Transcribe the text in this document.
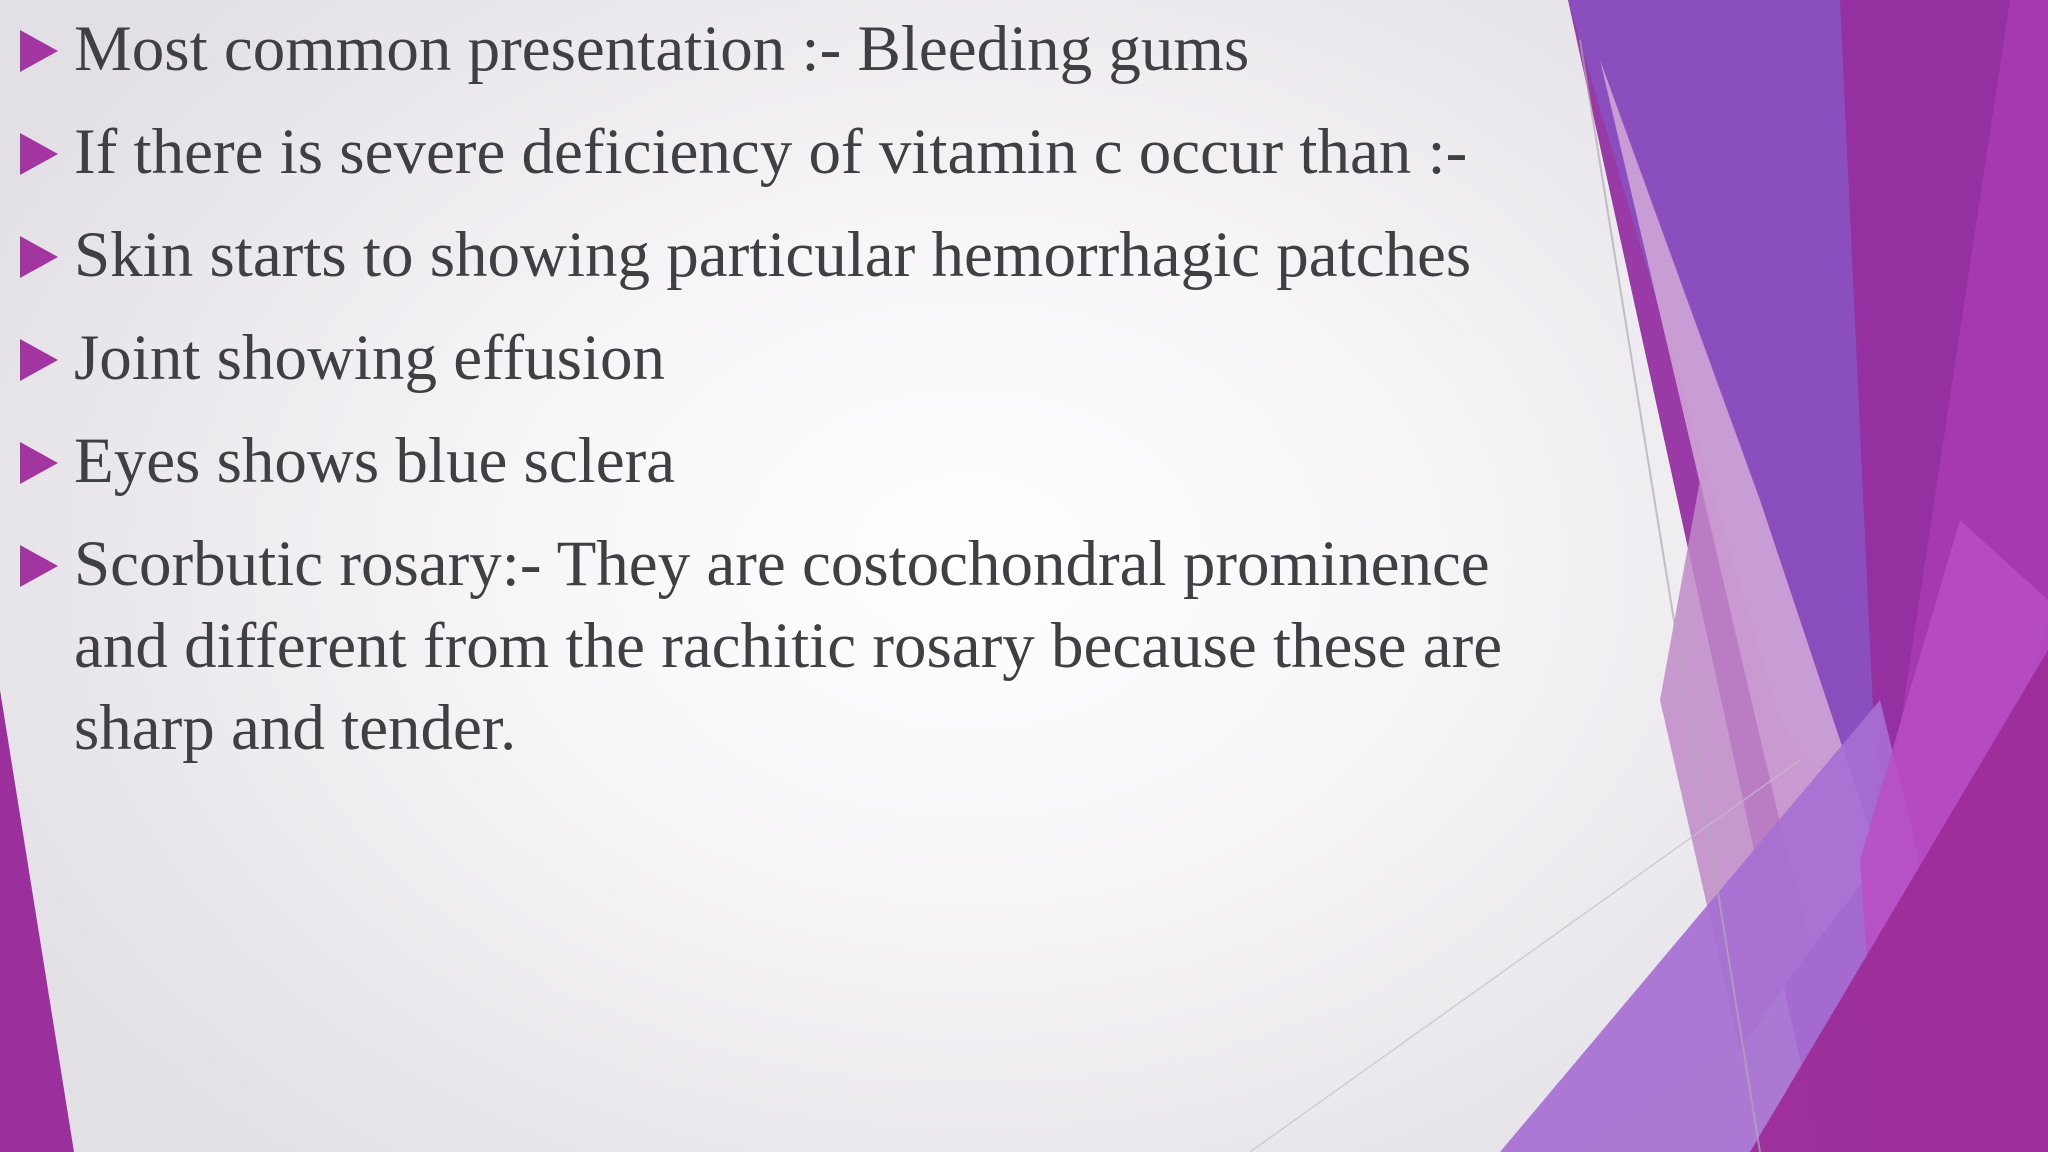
Most common presentation :- Bleeding gums
If there is severe deficiency of vitamin c occur than :-
Skin starts to showing particular hemorrhagic patches
Joint showing effusion
Eyes shows blue sclera
Scorbutic rosary:- They are costochondral prominence and different from the rachitic rosary because these are sharp and tender.
